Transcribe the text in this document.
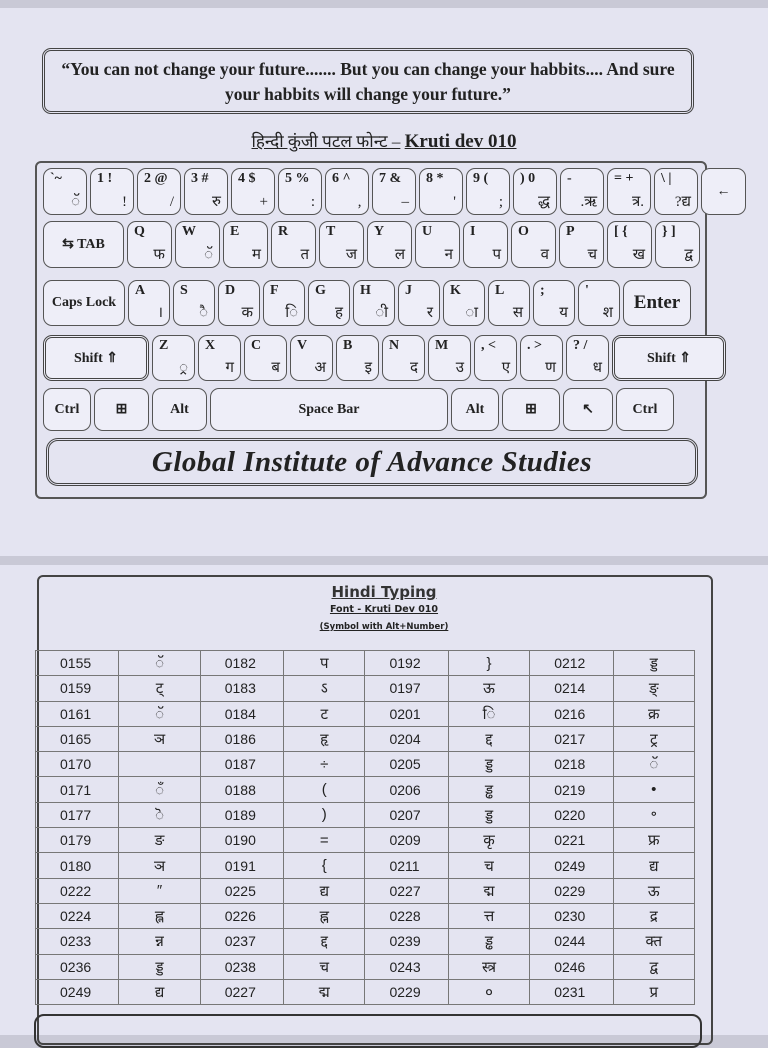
“You can not change your future....... But you can change your habbits.... And sure your habbits will change your future.”
हिन्दी कुंजी पटल फोन्ट – Kruti dev 010
Global Institute of Advance Studies
`~
ॅ
1 !
!
2 @
/
3 #
रु
4 $
+
5 %
:
6 ^
‚
7 &
–
8 *
'
9 (
;
) 0
द्ध
-
.ऋ
= +
त्र.
\ |
?द्य
←
⇆ TAB
Q
फ
W
ॅ
E
म
R
त
T
ज
Y
ल
U
न
I
प
O
व
P
च
[ {
ख
} ]
द्व
Caps Lock
A
।
S
ै
D
क
F
ि
G
ह
H
ी
J
र
K
ा
L
स
;
य
'
श	Enter
Shift ⇑
Z
्र
X
ग
C
ब
V
अ
B
इ
N
द
M
उ
, <
ए
. >
ण
? /
ध
Shift ⇑
Ctrl	⊞	Alt	Space Bar	Alt	⊞	↖	Ctrl
Hindi Typing
Font - Kruti Dev 010
(Symbol with Alt+Number)
0155	ॅ	0182	प	0192	}	0212	ड्ड
0159	ट्	0183	ऽ	0197	ऊ	0214	ङ्
0161	ॅ	0184	ट	0201	ि	0216	क्र
0165	ञ	0186	हृ	0204	द्द	0217	ट्र
0170		0187	÷	0205	ड्ड	0218	ॅ
0171	ँ	0188	(	0206	ड्ढ	0219	•
0177	ॆ	0189	)	0207	ड्ड	0220	॰
0179	ङ	0190	=	0209	कृ	0221	फ्र
0180	ञ	0191	{	0211	च	0249	द्य
0222	″	0225	द्य	0227	द्म	0229	ऊ
0224	ह्ल	0226	ह्न	0228	त्त	0230	द्र
0233	न्न	0237	द्द	0239	ड्ढ	0244	क्त
0236	ड्ड	0238	च	0243	स्त्र	0246	द्व
0249	द्य	0227	द्म	0229	०	0231	प्र
